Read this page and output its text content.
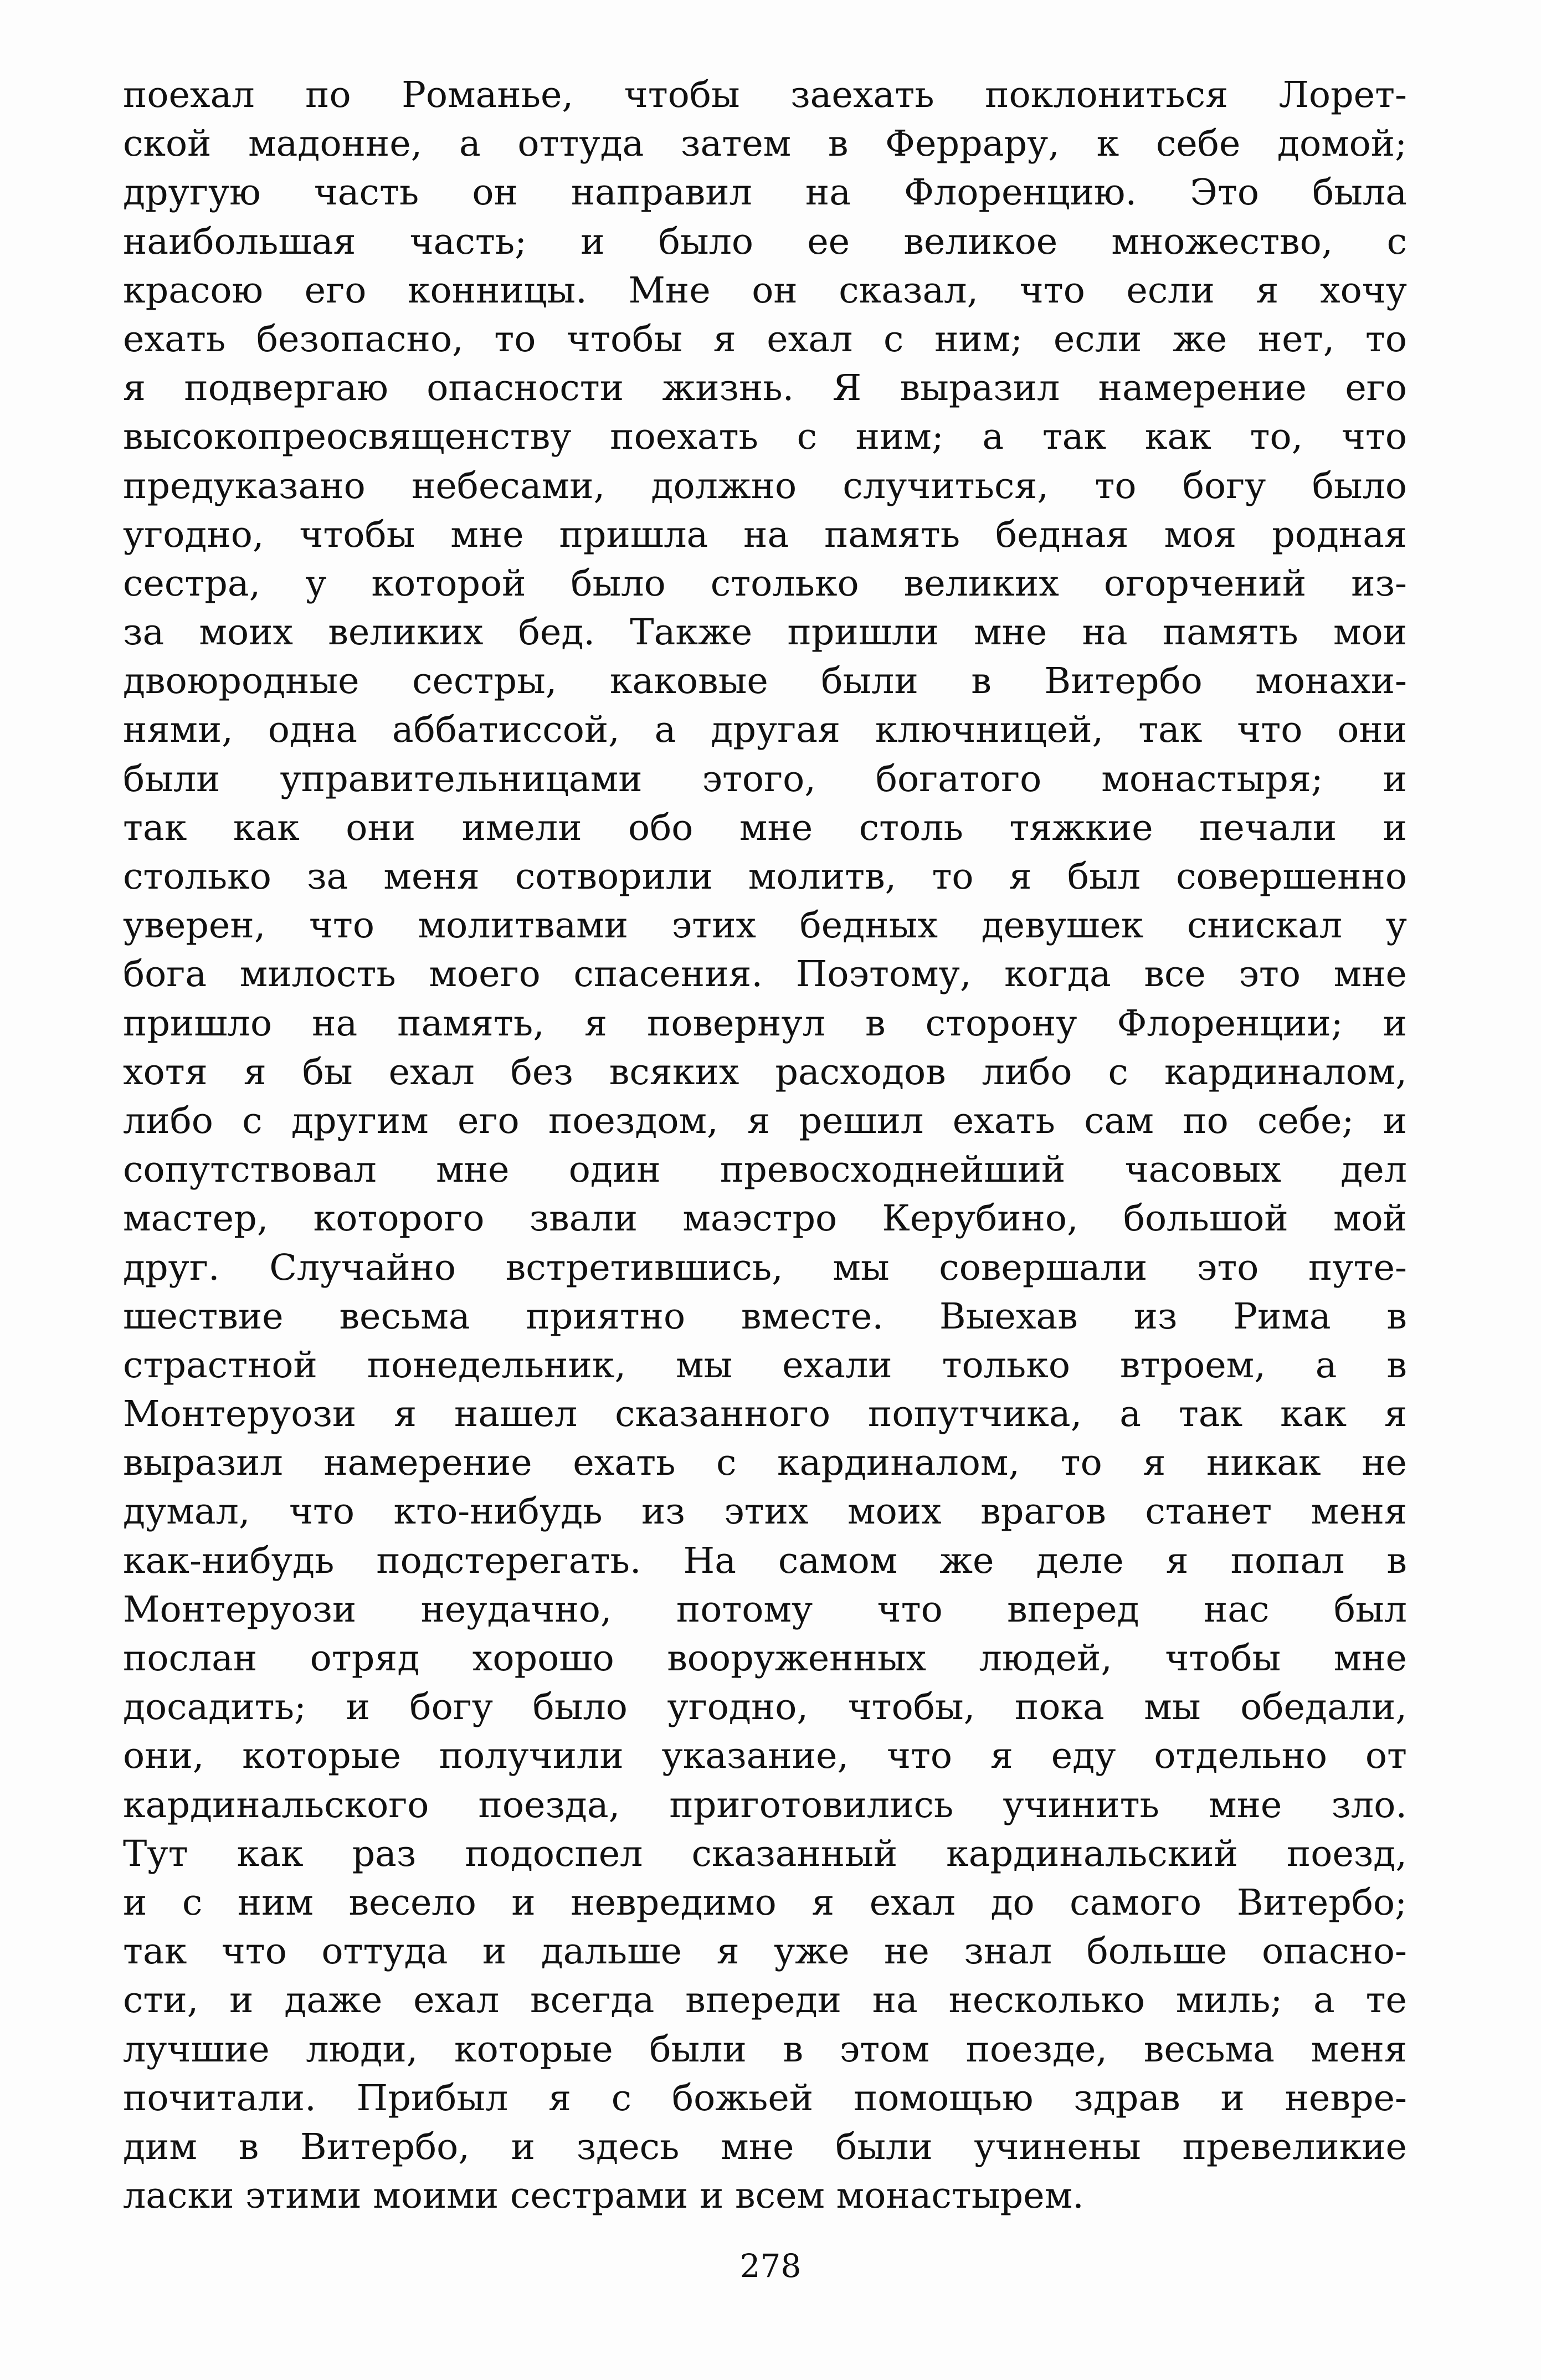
поехал по Романье, чтобы заехать поклониться Лорет-
ской мадонне, а оттуда затем в Феррару, к себе домой;
другую часть он направил на Флоренцию. Это была
наибольшая часть; и было ее великое множество, с
красою его конницы. Мне он сказал, что если я хочу
ехать безопасно, то чтобы я ехал с ним; если же нет, то
я подвергаю опасности жизнь. Я выразил намерение его
высокопреосвященству поехать с ним; а так как то, что
предуказано небесами, должно случиться, то богу было
угодно, чтобы мне пришла на память бедная моя родная
сестра, у которой было столько великих огорчений из-
за моих великих бед. Также пришли мне на память мои
двоюродные сестры, каковые были в Витербо монахи-
нями, одна аббатиссой, а другая ключницей, так что они
были управительницами этого, богатого монастыря; и
так как они имели обо мне столь тяжкие печали и
столько за меня сотворили молитв, то я был совершенно
уверен, что молитвами этих бедных девушек снискал у
бога милость моего спасения. Поэтому, когда все это мне
пришло на память, я повернул в сторону Флоренции; и
хотя я бы ехал без всяких расходов либо с кардиналом,
либо с другим его поездом, я решил ехать сам по себе; и
сопутствовал мне один превосходнейший часовых дел
мастер, которого звали маэстро Керубино, большой мой
друг. Случайно встретившись, мы совершали это путе-
шествие весьма приятно вместе. Выехав из Рима в
страстной понедельник, мы ехали только втроем, а в
Монтеруози я нашел сказанного попутчика, а так как я
выразил намерение ехать с кардиналом, то я никак не
думал, что кто-нибудь из этих моих врагов станет меня
как-нибудь подстерегать. На самом же деле я попал в
Монтеруози неудачно, потому что вперед нас был
послан отряд хорошо вооруженных людей, чтобы мне
досадить; и богу было угодно, чтобы, пока мы обедали,
они, которые получили указание, что я еду отдельно от
кардинальского поезда, приготовились учинить мне зло.
Тут как раз подоспел сказанный кардинальский поезд,
и с ним весело и невредимо я ехал до самого Витербо;
так что оттуда и дальше я уже не знал больше опасно-
сти, и даже ехал всегда впереди на несколько миль; а те
лучшие люди, которые были в этом поезде, весьма меня
почитали. Прибыл я с божьей помощью здрав и невре-
дим в Витербо, и здесь мне были учинены превеликие
ласки этими моими сестрами и всем монастырем.
278
